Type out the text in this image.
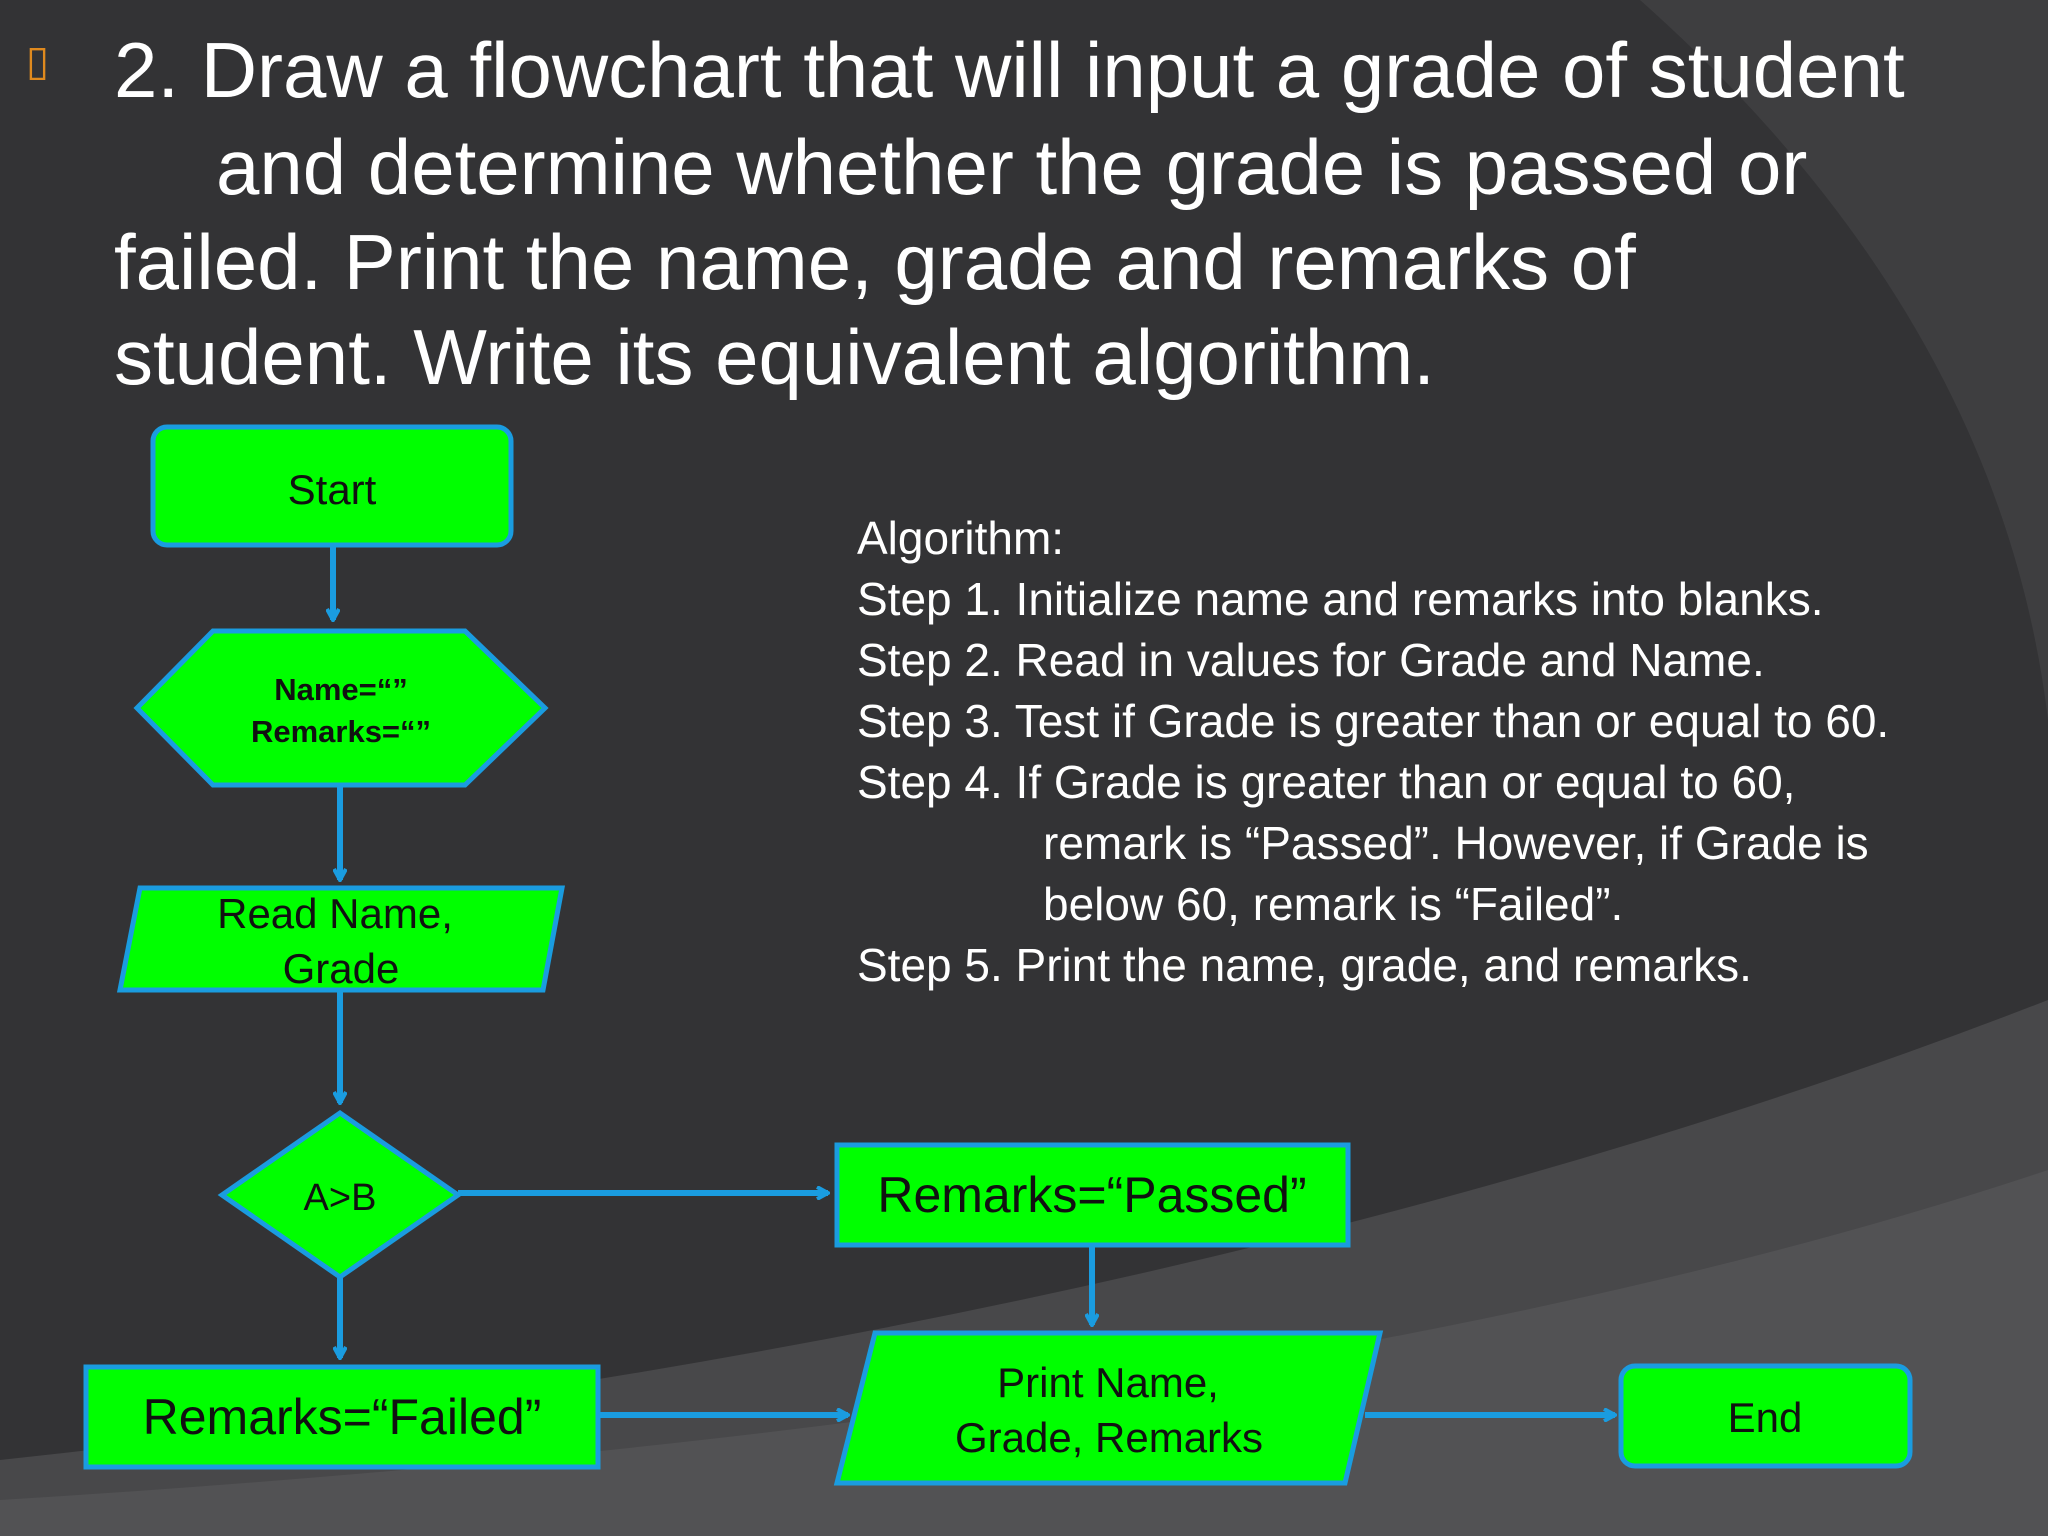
▯ 2. Draw a flowchart that will input a grade of student
and determine whether the grade is passed or
failed. Print the name, grade and remarks of
student. Write its equivalent algorithm.
Start
Name=“”
Remarks=“”
Read Name,
Grade
A>B	Remarks=“Passed”
Remarks=“Failed”
Print Name,
Grade, Remarks	End
Algorithm:
Step 1. Initialize name and remarks into blanks.
Step 2. Read in values for Grade and Name.
Step 3. Test if Grade is greater than or equal to 60.
Step 4. If Grade is greater than or equal to 60,
remark is “Passed”. However, if Grade is
below 60, remark is “Failed”.
Step 5. Print the name, grade, and remarks.
